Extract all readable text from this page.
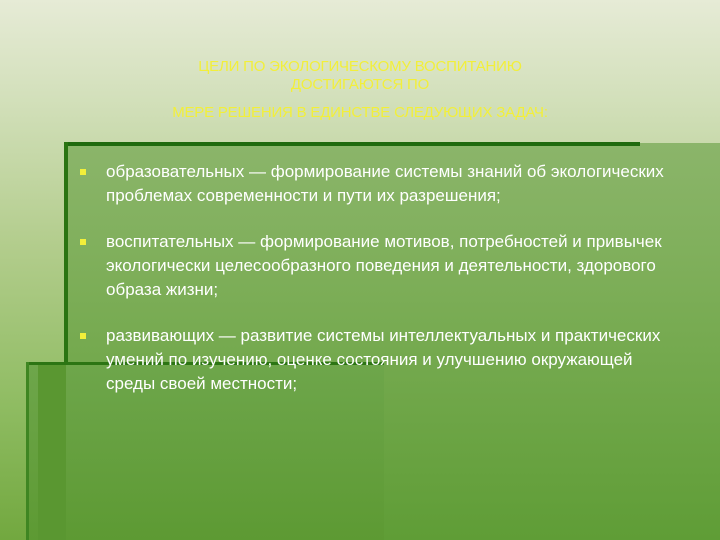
ЦЕЛИ ПО ЭКОЛОГИЧЕСКОМУ ВОСПИТАНИЮ
ДОСТИГАЮТСЯ ПО
МЕРЕ РЕШЕНИЯ В ЕДИНСТВЕ СЛЕДУЮЩИХ ЗАДАЧ:
образовательных — формирование системы знаний об экологических проблемах современности и пути их разрешения;
воспитательных — формирование мотивов, потребностей и привычек экологически целесообразного поведения и деятельности, здорового образа жизни;
развивающих — развитие системы интеллектуальных и практических умений по изучению, оценке состояния и улучшению окружающей среды своей местности;
